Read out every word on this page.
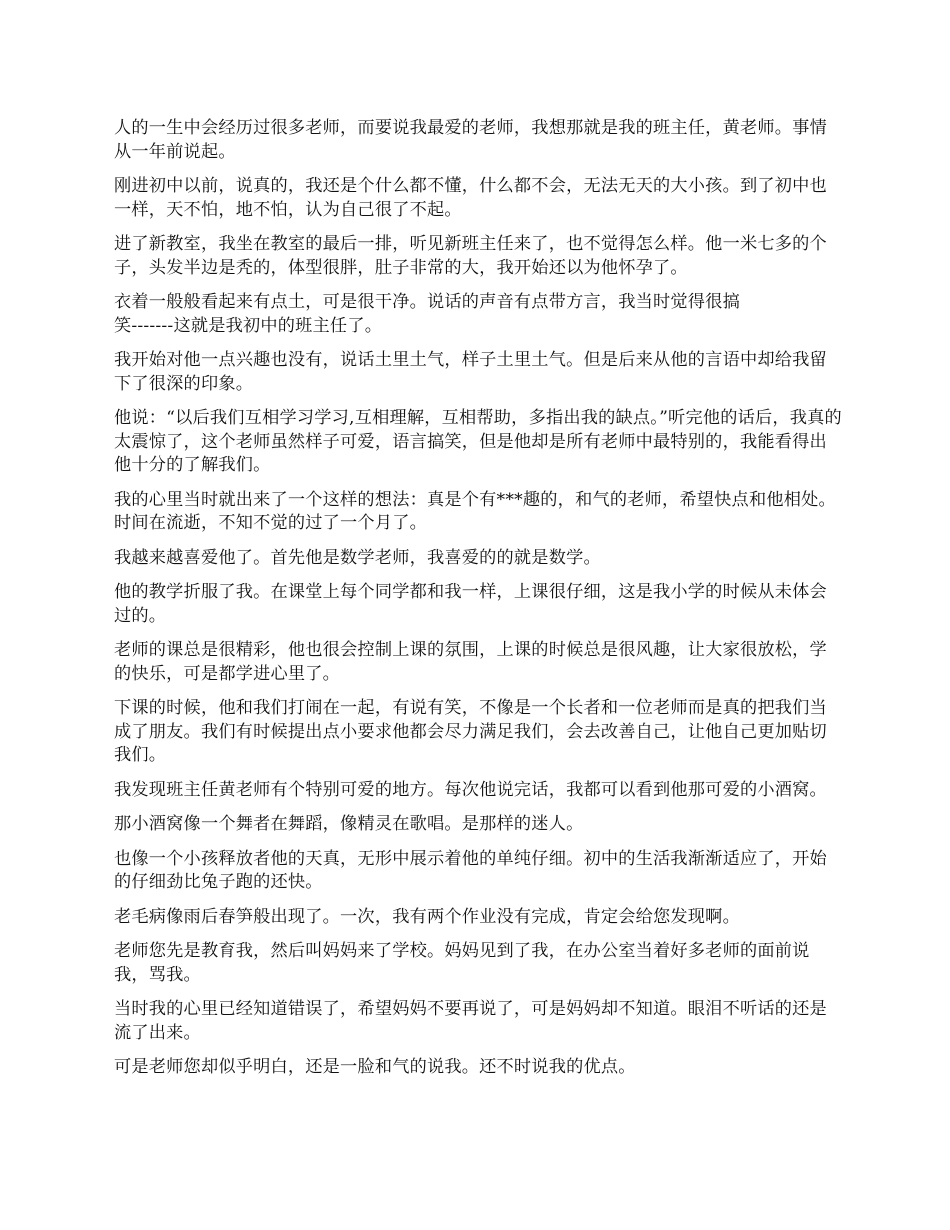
人的一生中会经历过很多老师，而要说我最爱的老师，我想那就是我的班主任，黄老师。事情从一年前说起。

刚进初中以前，说真的，我还是个什么都不懂，什么都不会，无法无天的大小孩。到了初中也一样，天不怕，地不怕，认为自己很了不起。

进了新教室，我坐在教室的最后一排，听见新班主任来了，也不觉得怎么样。他一米七多的个子，头发半边是秃的，体型很胖，肚子非常的大，我开始还以为他怀孕了。

衣着一般般看起来有点土，可是很干净。说话的声音有点带方言，我当时觉得很搞
笑-------这就是我初中的班主任了。

我开始对他一点兴趣也没有，说话土里土气，样子土里土气。但是后来从他的言语中却给我留下了很深的印象。

他说：“以后我们互相学习学习,互相理解，互相帮助，多指出我的缺点。”听完他的话后，我真的太震惊了，这个老师虽然样子可爱，语言搞笑，但是他却是所有老师中最特别的，我能看得出他十分的了解我们。

我的心里当时就出来了一个这样的想法：真是个有***趣的，和气的老师，希望快点和他相处。时间在流逝，不知不觉的过了一个月了。

我越来越喜爱他了。首先他是数学老师，我喜爱的的就是数学。

他的教学折服了我。在课堂上每个同学都和我一样，上课很仔细，这是我小学的时候从未体会过的。

老师的课总是很精彩，他也很会控制上课的氛围，上课的时候总是很风趣，让大家很放松，学的快乐，可是都学进心里了。

下课的时候，他和我们打闹在一起，有说有笑，不像是一个长者和一位老师而是真的把我们当成了朋友。我们有时候提出点小要求他都会尽力满足我们，会去改善自己，让他自己更加贴切我们。

我发现班主任黄老师有个特别可爱的地方。每次他说完话，我都可以看到他那可爱的小酒窝。

那小酒窝像一个舞者在舞蹈，像精灵在歌唱。是那样的迷人。

也像一个小孩释放者他的天真，无形中展示着他的单纯仔细。初中的生活我渐渐适应了，开始的仔细劲比兔子跑的还快。

老毛病像雨后春笋般出现了。一次，我有两个作业没有完成，肯定会给您发现啊。

老师您先是教育我，然后叫妈妈来了学校。妈妈见到了我，在办公室当着好多老师的面前说我，骂我。

当时我的心里已经知道错误了，希望妈妈不要再说了，可是妈妈却不知道。眼泪不听话的还是流了出来。

可是老师您却似乎明白，还是一脸和气的说我。还不时说我的优点。
